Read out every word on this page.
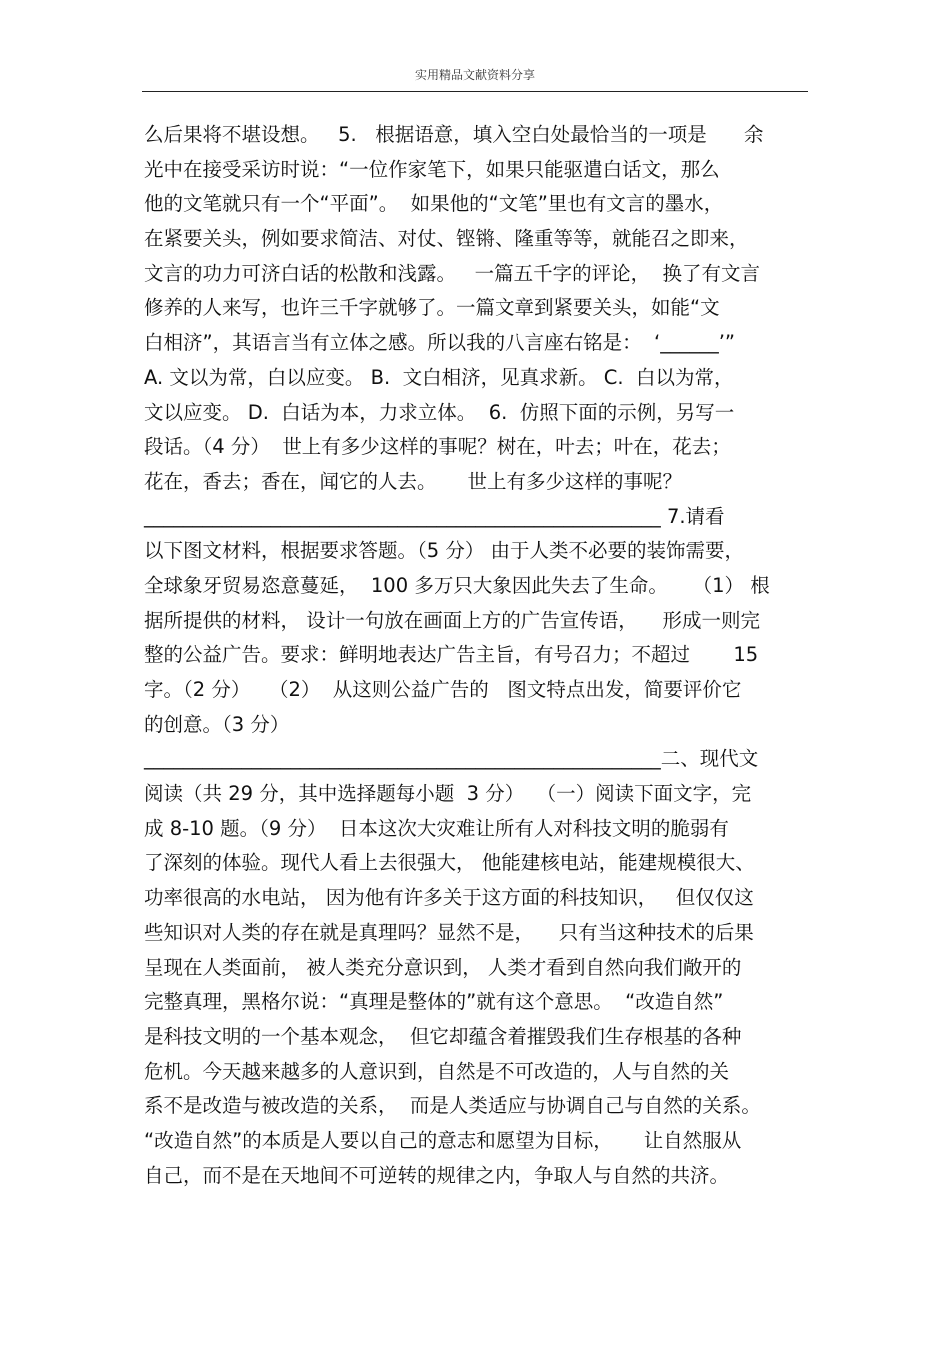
实用精品文献资料分享
么后果将不堪设想。   5.   根据语意，填入空白处最恰当的一项是      余
光中在接受采访时说：“一位作家笔下，如果只能驱遣白话文，那么
他的文笔就只有一个“平面”。  如果他的“文笔”里也有文言的墨水，
在紧要关头，例如要求简洁、对仗、铿锵、隆重等等，就能召之即来，
文言的功力可济白话的松散和浅露。   一篇五千字的评论，  换了有文言
修养的人来写，也许三千字就够了。一篇文章到紧要关头，如能“文
白相济”，其语言当有立体之感。所以我的八言座右铭是：  ‘______’”
A. 文以为常，白以应变。 B.  文白相济，见真求新。 C.  白以为常，
文以应变。 D.  白话为本，力求立体。  6.  仿照下面的示例，另写一
段话。（4 分）  世上有多少这样的事呢？树在，叶去；叶在，花去；
花在，香去；香在，闻它的人去。     世上有多少这样的事呢？
_____________________________________________________ 7.请看
以下图文材料，根据要求答题。（5 分） 由于人类不必要的装饰需要，
全球象牙贸易恣意蔓延，  100 多万只大象因此失去了生命。    （1） 根
据所提供的材料， 设计一句放在画面上方的广告宣传语，    形成一则完
整的公益广告。要求：鲜明地表达广告主旨，有号召力；不超过       15
字。（2 分）   （2）  从这则公益广告的   图文特点出发，简要评价它
的创意。（3 分）
_____________________________________________________二、现代文
阅读（共 29 分，其中选择题每小题  3 分）  （一）阅读下面文字，完
成 8-10 题。（9 分）  日本这次大灾难让所有人对科技文明的脆弱有
了深刻的体验。现代人看上去很强大， 他能建核电站，能建规模很大、
功率很高的水电站， 因为他有许多关于这方面的科技知识，   但仅仅这
些知识对人类的存在就是真理吗？显然不是，    只有当这种技术的后果
呈现在人类面前， 被人类充分意识到， 人类才看到自然向我们敞开的
完整真理，黑格尔说：“真理是整体的”就有这个意思。  “改造自然”
是科技文明的一个基本观念，  但它却蕴含着摧毁我们生存根基的各种
危机。今天越来越多的人意识到，自然是不可改造的，人与自然的关
系不是改造与被改造的关系，  而是人类适应与协调自己与自然的关系。
“改造自然”的本质是人要以自己的意志和愿望为目标，     让自然服从
自己，而不是在天地间不可逆转的规律之内，争取人与自然的共济。
